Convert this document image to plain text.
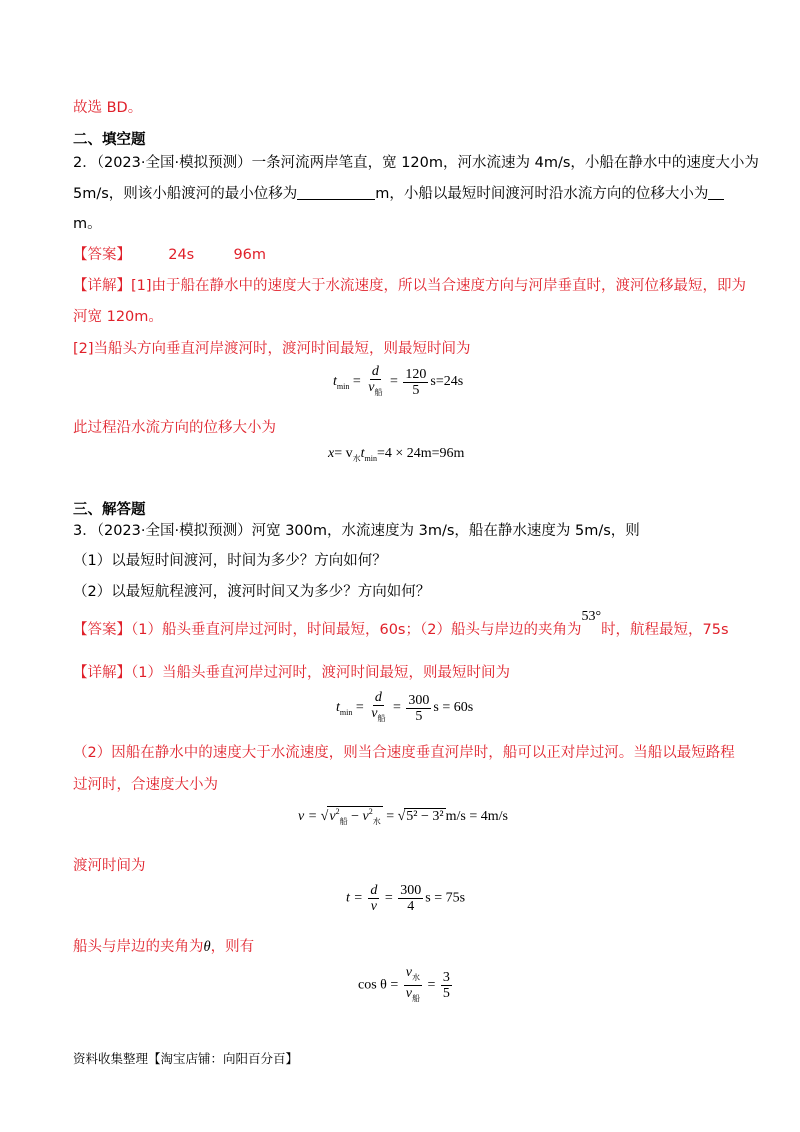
故选 BD。
二、填空题
2．（2023·全国·模拟预测）一条河流两岸笔直，宽 120m，河水流速为 4m/s，小船在静水中的速度大小为
5m/s，则该小船渡河的最小位移为	m，小船以最短时间渡河时沿水流方向的位移大小为
m。
【答案】	24s	96m
【详解】[1]由于船在静水中的速度大于水流速度，所以当合速度方向与河岸垂直时，渡河位移最短，即为
河宽 120m。
[2]当船头方向垂直河岸渡河时，渡河时间最短，则最短时间为
$t_{min} = \frac{d}{v_船} = \frac{120}{5} s=24s$
此过程沿水流方向的位移大小为
$x= v_水t_{min}=4 \times 24m=96m$
三、解答题
3．（2023·全国·模拟预测）河宽 300m，水流速度为 3m/s，船在静水速度为 5m/s，则
（1）以最短时间渡河，时间为多少？方向如何？
（2）以最短航程渡河，渡河时间又为多少？方向如何？
【答案】（1）船头垂直河岸过河时，时间最短，60s；（2）船头与岸边的夹角为53°时，航程最短，75s
【详解】（1）当船头垂直河岸过河时，渡河时间最短，则最短时间为
$t_{min} = \frac{d}{v_船} = \frac{300}{5}$ s = 60s
（2）因船在静水中的速度大于水流速度，则当合速度垂直河岸时，船可以正对岸过河。当船以最短路程
过河时，合速度大小为
$v = √v^2_船 - v^2_水 = √5^2 - 3^2$ m/s = 4m/s
渡河时间为
$t = \frac{d}{v} = \frac{300}{4}$ s = 75s
船头与岸边的夹角为θ，则有
$\cos \theta = \frac{v_水}{v_船} = \frac{3}{5}$
资料收集整理【淘宝店铺：向阳百分百】
